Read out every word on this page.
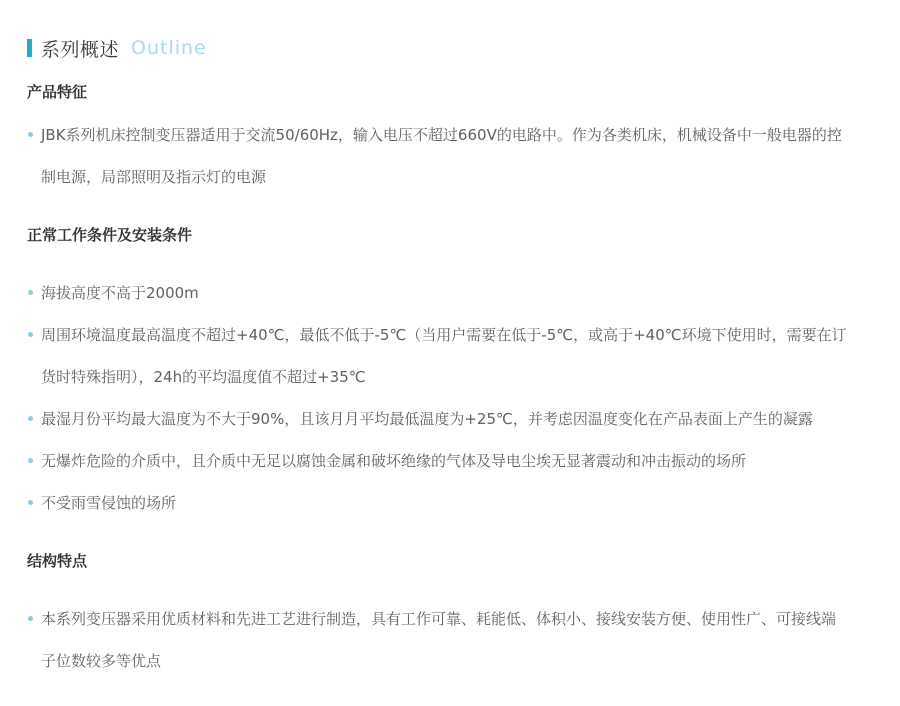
系列概述 Outline
产品特征
JBK系列机床控制变压器适用于交流50/60Hz，输入电压不超过660V的电路中。作为各类机床，机械设备中一般电器的控制电源，局部照明及指示灯的电源
正常工作条件及安装条件
海拔高度不高于2000m
周围环境温度最高温度不超过+40℃，最低不低于-5℃（当用户需要在低于-5℃，或高于+40℃环境下使用时，需要在订货时特殊指明），24h的平均温度值不超过+35℃
最湿月份平均最大温度为不大于90%，且该月月平均最低温度为+25℃，并考虑因温度变化在产品表面上产生的凝露
无爆炸危险的介质中，且介质中无足以腐蚀金属和破坏绝缘的气体及导电尘埃无显著震动和冲击振动的场所
不受雨雪侵蚀的场所
结构特点
本系列变压器采用优质材料和先进工艺进行制造，具有工作可靠、耗能低、体积小、接线安装方便、使用性广、可接线端子位数较多等优点
